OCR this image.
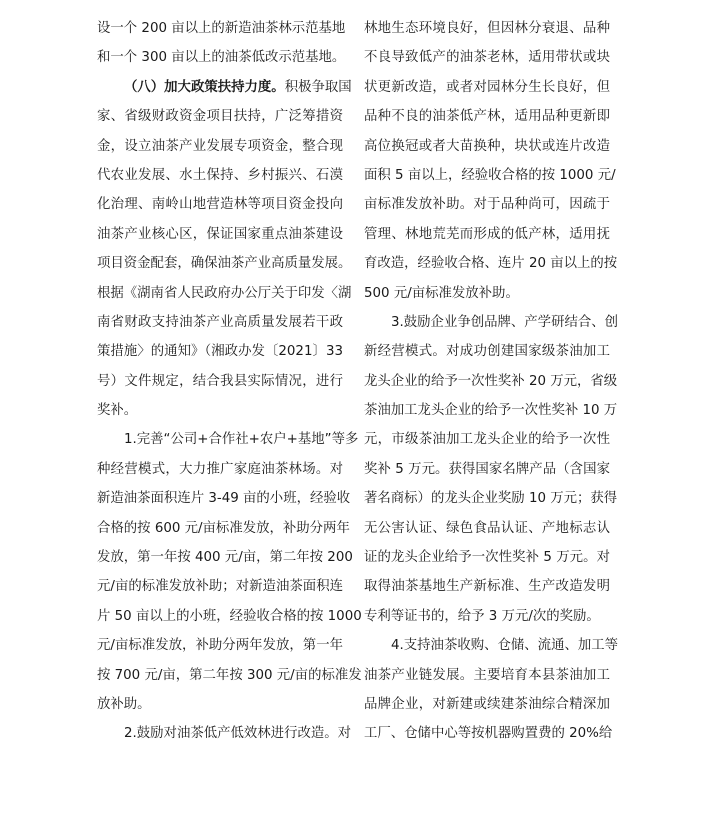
设一个 200 亩以上的新造油茶林示范基地
和一个 300 亩以上的油茶低改示范基地。
（八）加大政策扶持力度。积极争取国
家、省级财政资金项目扶持，广泛筹措资
金，设立油茶产业发展专项资金，整合现
代农业发展、水土保持、乡村振兴、石漠
化治理、南岭山地营造林等项目资金投向
油茶产业核心区，保证国家重点油茶建设
项目资金配套，确保油茶产业高质量发展。
根据《湖南省人民政府办公厅关于印发〈湖
南省财政支持油茶产业高质量发展若干政
策措施〉的通知》（湘政办发〔2021〕33
号）文件规定，结合我县实际情况，进行
奖补。
1.完善“公司+合作社+农户+基地”等多
种经营模式，大力推广家庭油茶林场。对
新造油茶面积连片 3-49 亩的小班，经验收
合格的按 600 元/亩标准发放，补助分两年
发放，第一年按 400 元/亩，第二年按 200
元/亩的标准发放补助；对新造油茶面积连
片 50 亩以上的小班，经验收合格的按 1000
元/亩标准发放，补助分两年发放，第一年
按 700 元/亩，第二年按 300 元/亩的标准发
放补助。
2.鼓励对油茶低产低效林进行改造。对
林地生态环境良好，但因林分衰退、品种
不良导致低产的油茶老林，适用带状或块
状更新改造，或者对园林分生长良好，但
品种不良的油茶低产林，适用品种更新即
高位换冠或者大苗换种，块状或连片改造
面积 5 亩以上，经验收合格的按 1000 元/
亩标准发放补助。对于品种尚可，因疏于
管理、林地荒芜而形成的低产林，适用抚
育改造，经验收合格、连片 20 亩以上的按
500 元/亩标准发放补助。
3.鼓励企业争创品牌、产学研结合、创
新经营模式。对成功创建国家级茶油加工
龙头企业的给予一次性奖补 20 万元，省级
茶油加工龙头企业的给予一次性奖补 10 万
元，市级茶油加工龙头企业的给予一次性
奖补 5 万元。获得国家名牌产品（含国家
著名商标）的龙头企业奖励 10 万元；获得
无公害认证、绿色食品认证、产地标志认
证的龙头企业给予一次性奖补 5 万元。对
取得油茶基地生产新标准、生产改造发明
专利等证书的，给予 3 万元/次的奖励。
4.支持油茶收购、仓储、流通、加工等
油茶产业链发展。主要培育本县茶油加工
品牌企业，对新建或续建茶油综合精深加
工厂、仓储中心等按机器购置费的 20%给
